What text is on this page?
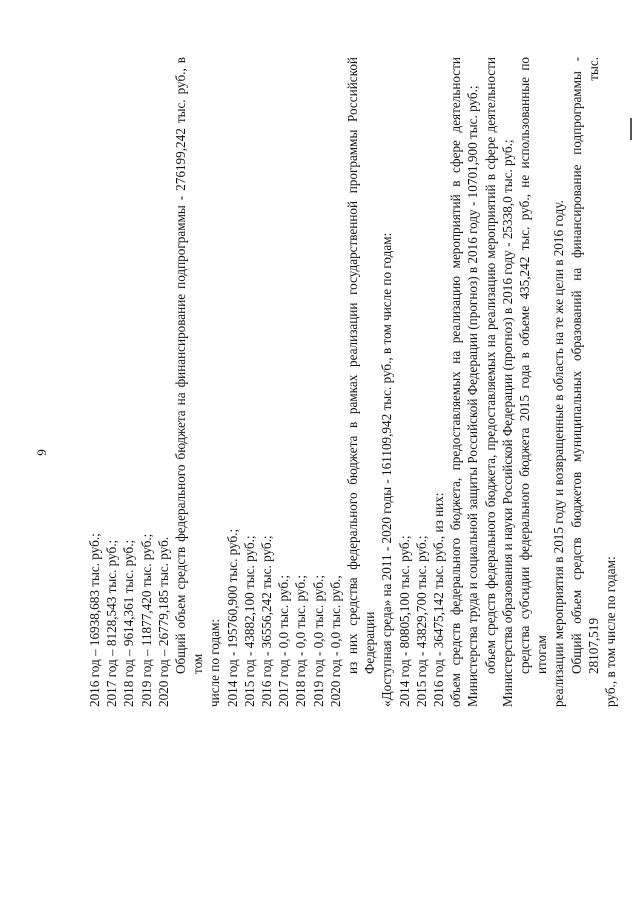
9

2016 год – 16938,683 тыс. руб.; 2017 год – 8128,543 тыс. руб.; 2018 год – 9614,361 тыс. руб.; 2019 год – 11877,420 тыс. руб.; 2020 год – 26779,185 тыс. руб. Общий объем средств федерального бюджета на финансирование подпрограммы - 276199,242 тыс. руб., в том числе по годам: 2014 год - 195760,900 тыс. руб.; 2015 год - 43882,100 тыс. руб.; 2016 год - 36556,242 тыс. руб.; 2017 год - 0,0 тыс. руб.; 2018 год - 0,0 тыс. руб.; 2019 год - 0,0 тыс. руб.; 2020 год - 0,0 тыс. руб., из них средства федерального бюджета в рамках реализации государственной программы Российской Федерации «Доступная среда» на 2011 - 2020 годы - 161109,942 тыс. руб., в том числе по годам: 2014 год - 80805,100 тыс. руб.; 2015 год - 43829,700 тыс. руб.; 2016 год - 36475,142 тыс. руб., из них: объем средств федерального бюджета, предоставляемых на реализацию мероприятий в сфере деятельности Министерства труда и социальной защиты Российской Федерации (прогноз) в 2016 году - 10701,900 тыс. руб.; объем средств федерального бюджета, предоставляемых на реализацию мероприятий в сфере деятельности Министерства образования и науки Российской Федерации (прогноз) в 2016 году - 25338,0 тыс. руб.; средства субсидии федерального бюджета 2015 года в объеме 435,242 тыс. руб., не использованные по итогам реализации мероприятия в 2015 году и возвращенные в область на те же цели в 2016 году. Общий объем средств бюджетов муниципальных образований на финансирование подпрограммы - 28107,519 тыс. руб., в том числе по годам:
